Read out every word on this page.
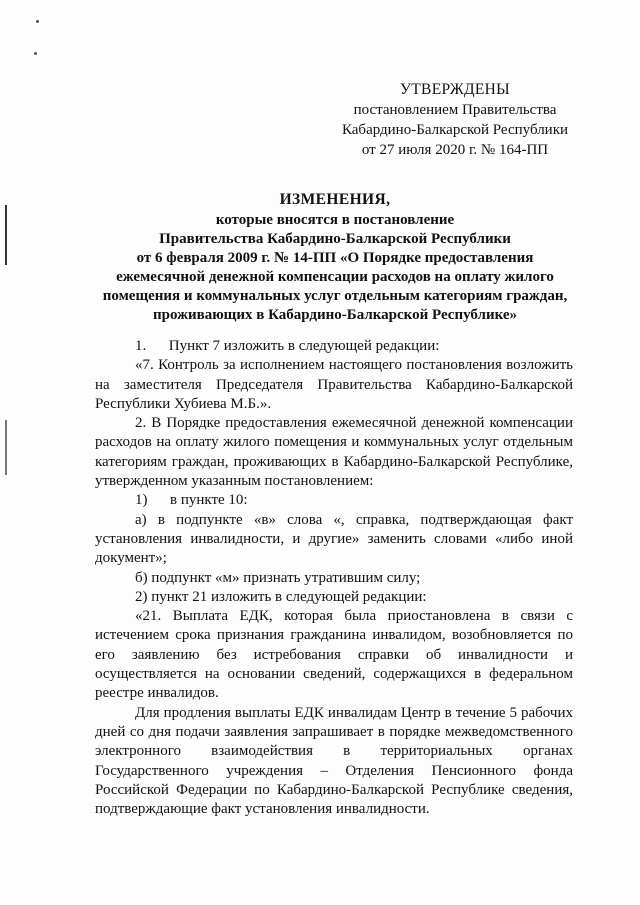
УТВЕРЖДЕНЫ
постановлением Правительства
Кабардино-Балкарской Республики
от 27 июля 2020 г. № 164-ПП
ИЗМЕНЕНИЯ,
которые вносятся в постановление
Правительства Кабардино-Балкарской Республики
от 6 февраля 2009 г. № 14-ПП «О Порядке предоставления
ежемесячной денежной компенсации расходов на оплату жилого
помещения и коммунальных услуг отдельным категориям граждан,
проживающих в Кабардино-Балкарской Республике»

1.      Пункт 7 изложить в следующей редакции:

«7. Контроль за исполнением настоящего постановления возложить на заместителя Председателя Правительства Кабардино-Балкарской Республики Хубиева М.Б.».

2. В Порядке предоставления ежемесячной денежной компенсации расходов на оплату жилого помещения и коммунальных услуг отдельным категориям граждан, проживающих в Кабардино-Балкарской Республике, утвержденном указанным постановлением:

1)      в пункте 10:

а) в подпункте «в» слова «, справка, подтверждающая факт установления инвалидности, и другие» заменить словами «либо иной документ»;

б) подпункт «м» признать утратившим силу;

2) пункт 21 изложить в следующей редакции:

«21. Выплата ЕДК, которая была приостановлена в связи с истечением срока признания гражданина инвалидом, возобновляется по его заявлению без истребования справки об инвалидности и осуществляется на основании сведений, содержащихся в федеральном реестре инвалидов.

Для продления выплаты ЕДК инвалидам Центр в течение 5 рабочих дней со дня подачи заявления запрашивает в порядке межведомственного электронного взаимодействия в территориальных органах Государственного учреждения – Отделения Пенсионного фонда Российской Федерации по Кабардино-Балкарской Республике сведения, подтверждающие факт установления инвалидности.
